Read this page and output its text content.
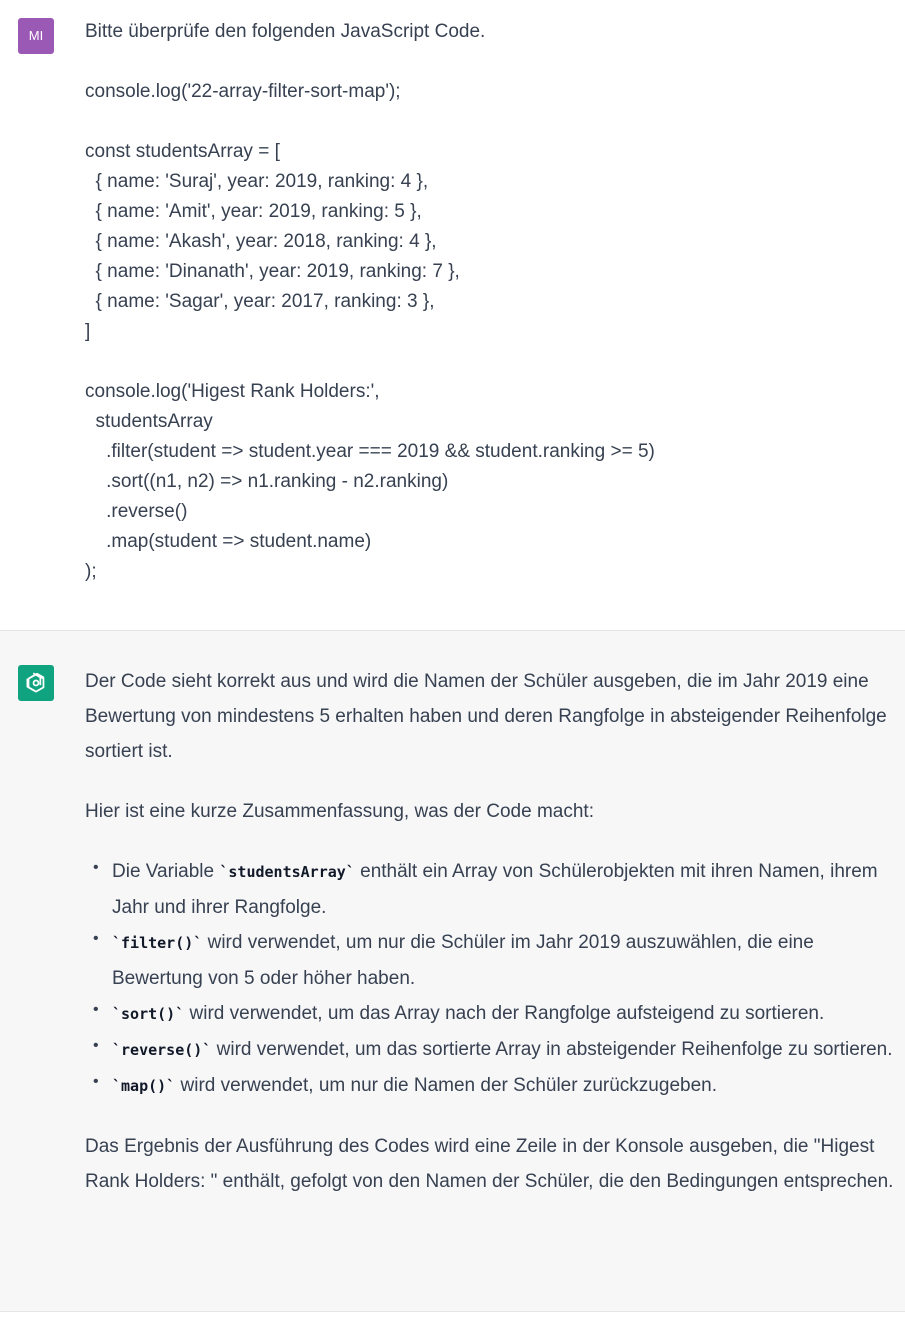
MI	Bitte überprüfe den folgenden JavaScript Code.
console.log('22-array-filter-sort-map');
const studentsArray = [
{ name: 'Suraj', year: 2019, ranking: 4 },
{ name: 'Amit', year: 2019, ranking: 5 },
{ name: 'Akash', year: 2018, ranking: 4 },
{ name: 'Dinanath', year: 2019, ranking: 7 },
{ name: 'Sagar', year: 2017, ranking: 3 },
]
console.log('Higest Rank Holders:',
studentsArray
.filter(student => student.year === 2019 && student.ranking >= 5)
.sort((n1, n2) => n1.ranking - n2.ranking)
.reverse()
.map(student => student.name)
);

Der Code sieht korrekt aus und wird die Namen der Schüler ausgeben, die im Jahr 2019 eine Bewertung von mindestens 5 erhalten haben und deren Rangfolge in absteigender Reihenfolge sortiert ist.

Hier ist eine kurze Zusammenfassung, was der Code macht:

• Die Variable `studentsArray` enthält ein Array von Schülerobjekten mit ihren Namen, ihrem Jahr und ihrer Rangfolge.
• `filter()` wird verwendet, um nur die Schüler im Jahr 2019 auszuwählen, die eine Bewertung von 5 oder höher haben.
• `sort()` wird verwendet, um das Array nach der Rangfolge aufsteigend zu sortieren.
• `reverse()` wird verwendet, um das sortierte Array in absteigender Reihenfolge zu sortieren.
• `map()` wird verwendet, um nur die Namen der Schüler zurückzugeben.

Das Ergebnis der Ausführung des Codes wird eine Zeile in der Konsole ausgeben, die "Higest Rank Holders: " enthält, gefolgt von den Namen der Schüler, die den Bedingungen entsprechen.
